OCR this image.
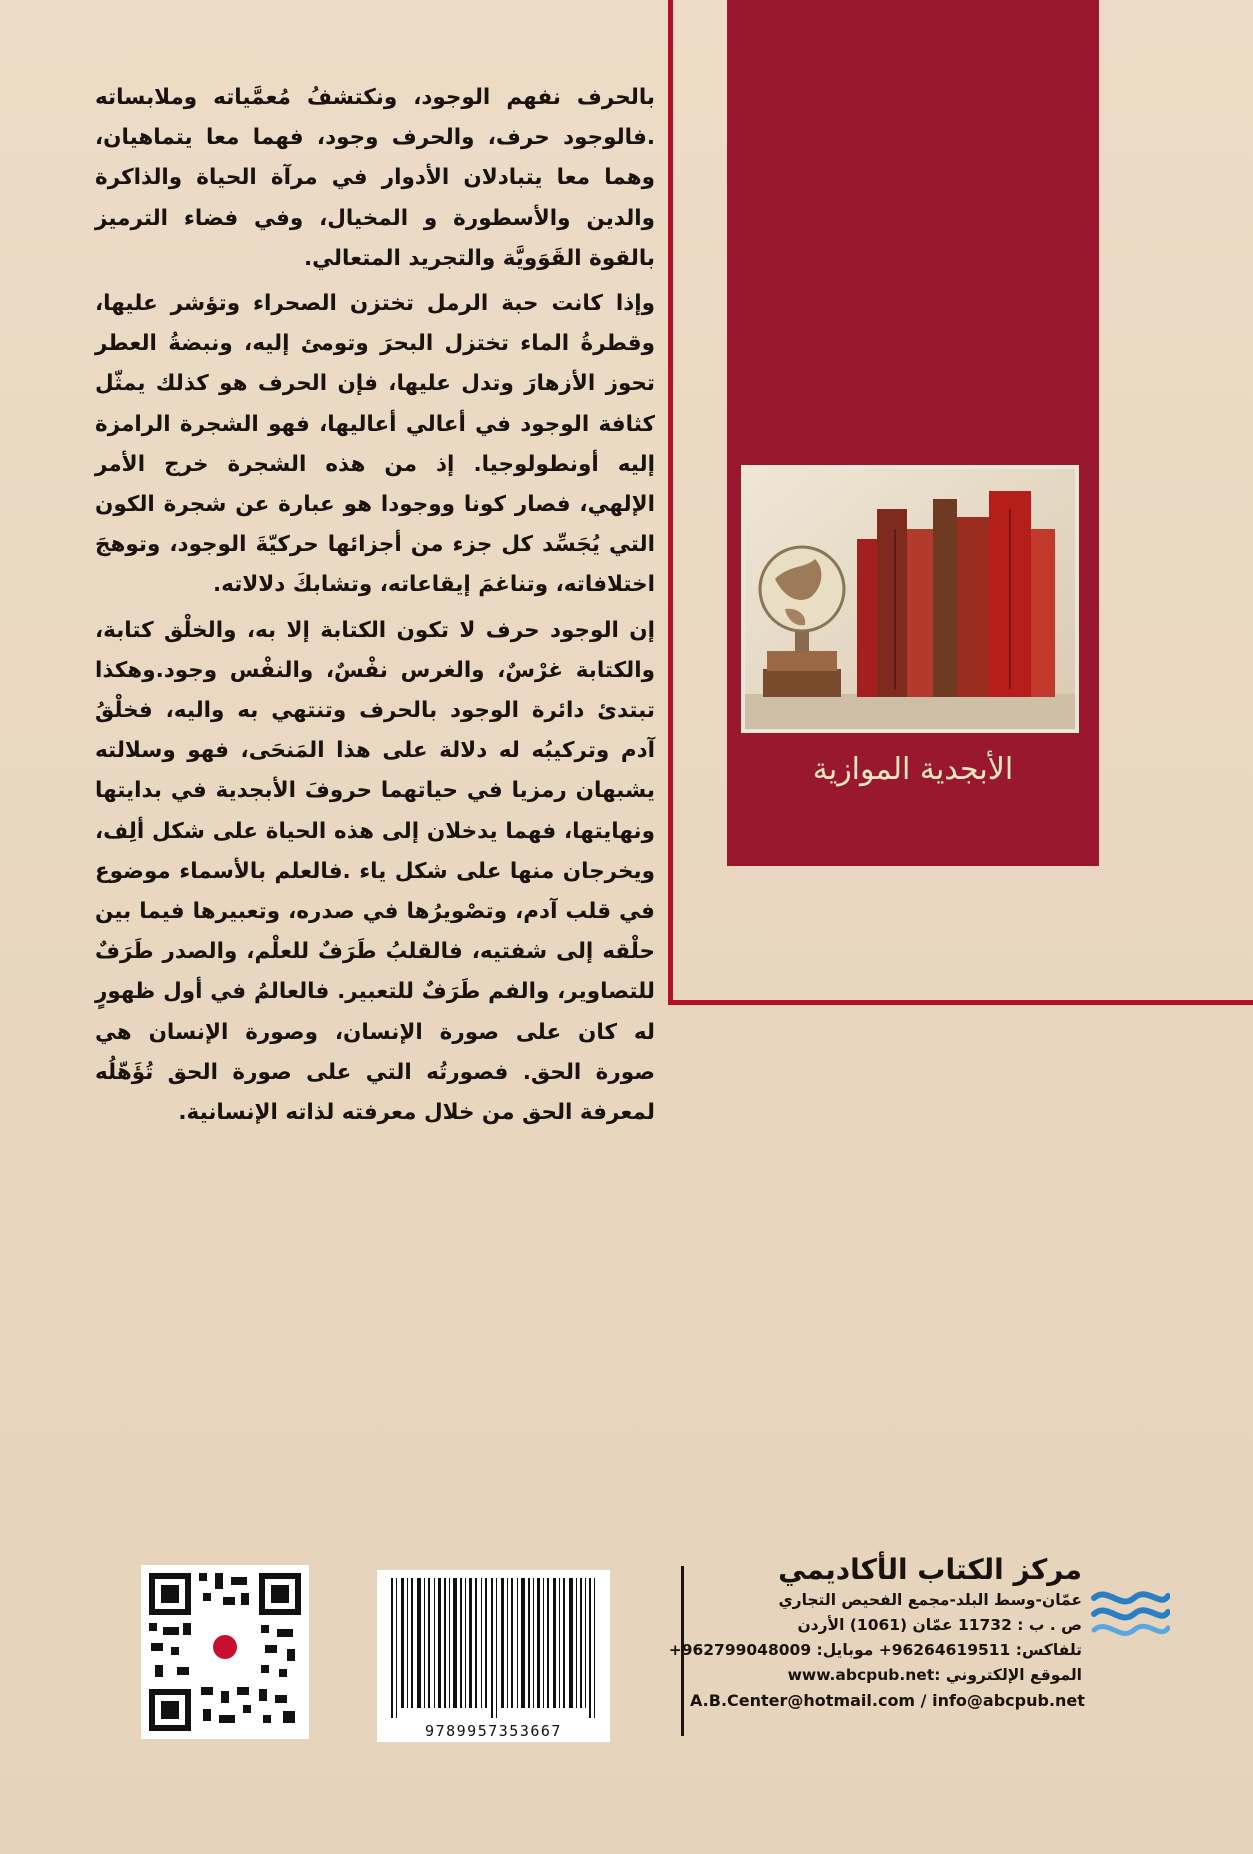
الأبجدية الموازية

بالحرف نفهم الوجود، ونكتشفُ مُعمَّياته وملابساته .فالوجود حرف، والحرف وجود، فهما معا يتماهيان، وهما معا يتبادلان الأدوار في مرآة الحياة والذاكرة والدين والأسطورة و المخيال، وفي فضاء الترميز بالقوة القَوَويَّة والتجريد المتعالي.

وإذا كانت حبة الرمل تختزن الصحراء وتؤشر عليها، وقطرةُ الماء تختزل البحرَ وتومئ إليه، ونبضةُ العطر تحوز الأزهارَ وتدل عليها، فإن الحرف هو كذلك يمثّل كثافة الوجود في أعالي أعاليها، فهو الشجرة الرامزة إليه أونطولوجيا. إذ من هذه الشجرة خرج الأمر الإلهي، فصار كونا ووجودا هو عبارة عن شجرة الكون التي يُجَسِّد كل جزء من أجزائها حركيّةَ الوجود، وتوهجَ اختلافاته، وتناغمَ إيقاعاته، وتشابكَ دلالاته.

إن الوجود حرف لا تكون الكتابة إلا به، والخلْق كتابة، والكتابة غرْسٌ، والغرس نفْسٌ، والنفْس وجود.وهكذا تبتدئ دائرة الوجود بالحرف وتنتهي به واليه، فخلْقُ آدم وتركيبُه له دلالة على هذا المَنحَى، فهو وسلالته يشبهان رمزيا في حياتهما حروفَ الأبجدية في بدايتها ونهايتها، فهما يدخلان إلى هذه الحياة على شكل ألِف، ويخرجان منها على شكل ياء .فالعلم بالأسماء موضوع في قلب آدم، وتصْويرُها في صدره، وتعبيرها فيما بين حلْقه إلى شفتيه، فالقلبُ طَرَفٌ للعلْم، والصدر طَرَفٌ للتصاوير، والفم طَرَفٌ للتعبير. فالعالمُ في أول ظهورٍ له كان على صورة الإنسان، وصورة الإنسان هي صورة الحق. فصورتُه التي على صورة الحق تُؤَهّلُه لمعرفة الحق من خلال معرفته لذاته الإنسانية.

9789957353667
مركز الكتاب الأكاديمي
عمّان-وسط البلد-مجمع الفحيص التجاري
ص . ب : 11732 عمّان (1061) الأردن
تلفاكس: 96264619511+ موبايل: 962799048009+
الموقع الإلكتروني :www.abcpub.net
A.B.Center@hotmail.com / info@abcpub.net
